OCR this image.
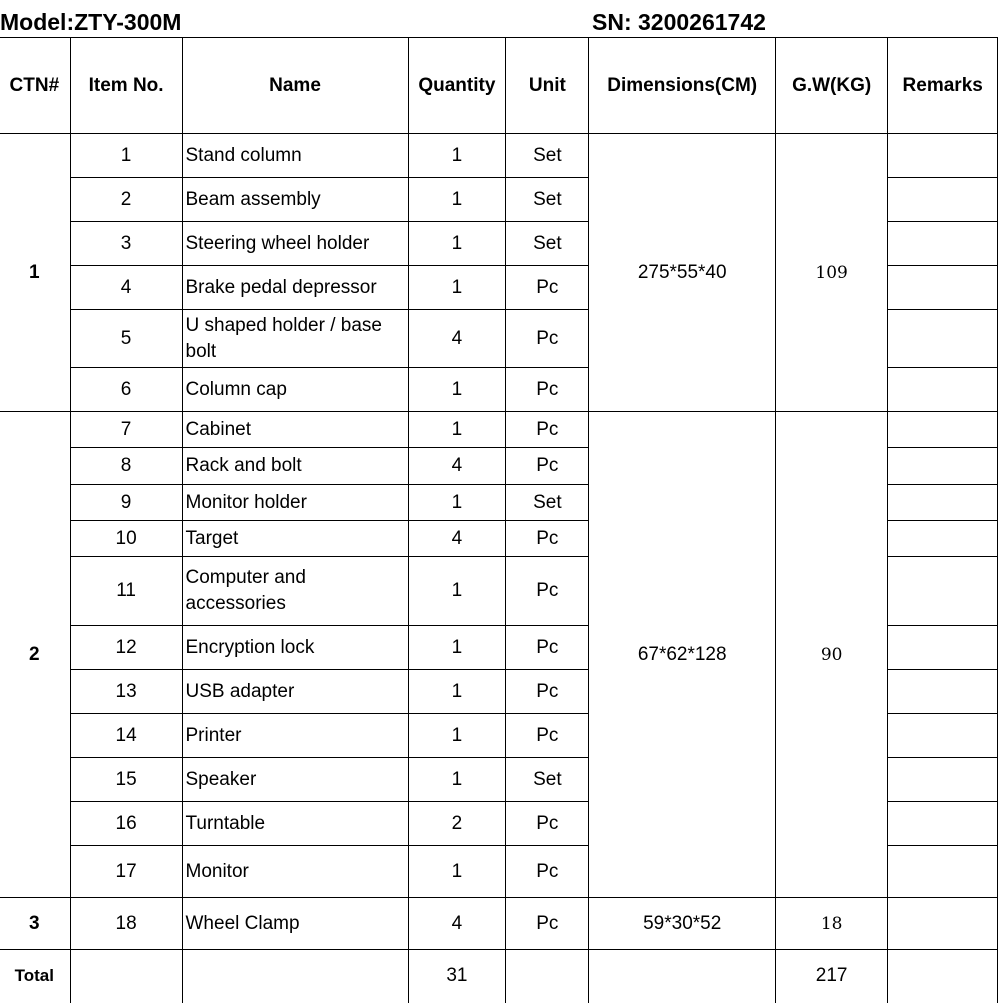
Model:ZTY-300M	SN: 3200261742
CTN#	Item No.	Name	Quantity	Unit	Dimensions(CM)	G.W(KG)	Remarks
1	1	Stand column	1	Set	275*55*40	109	
	2	Beam assembly	1	Set			
	3	Steering wheel holder	1	Set			
	4	Brake pedal depressor	1	Pc			
	5	U shaped holder / base bolt	4	Pc			
	6	Column cap	1	Pc			
2	7	Cabinet	1	Pc	67*62*128	90	
	8	Rack and bolt	4	Pc			
	9	Monitor holder	1	Set			
	10	Target	4	Pc			
	11	Computer and accessories	1	Pc			
	12	Encryption lock	1	Pc			
	13	USB adapter	1	Pc			
	14	Printer	1	Pc			
	15	Speaker	1	Set			
	16	Turntable	2	Pc			
	17	Monitor	1	Pc			
3	18	Wheel Clamp	4	Pc	59*30*52	18	
Total			31			217	
